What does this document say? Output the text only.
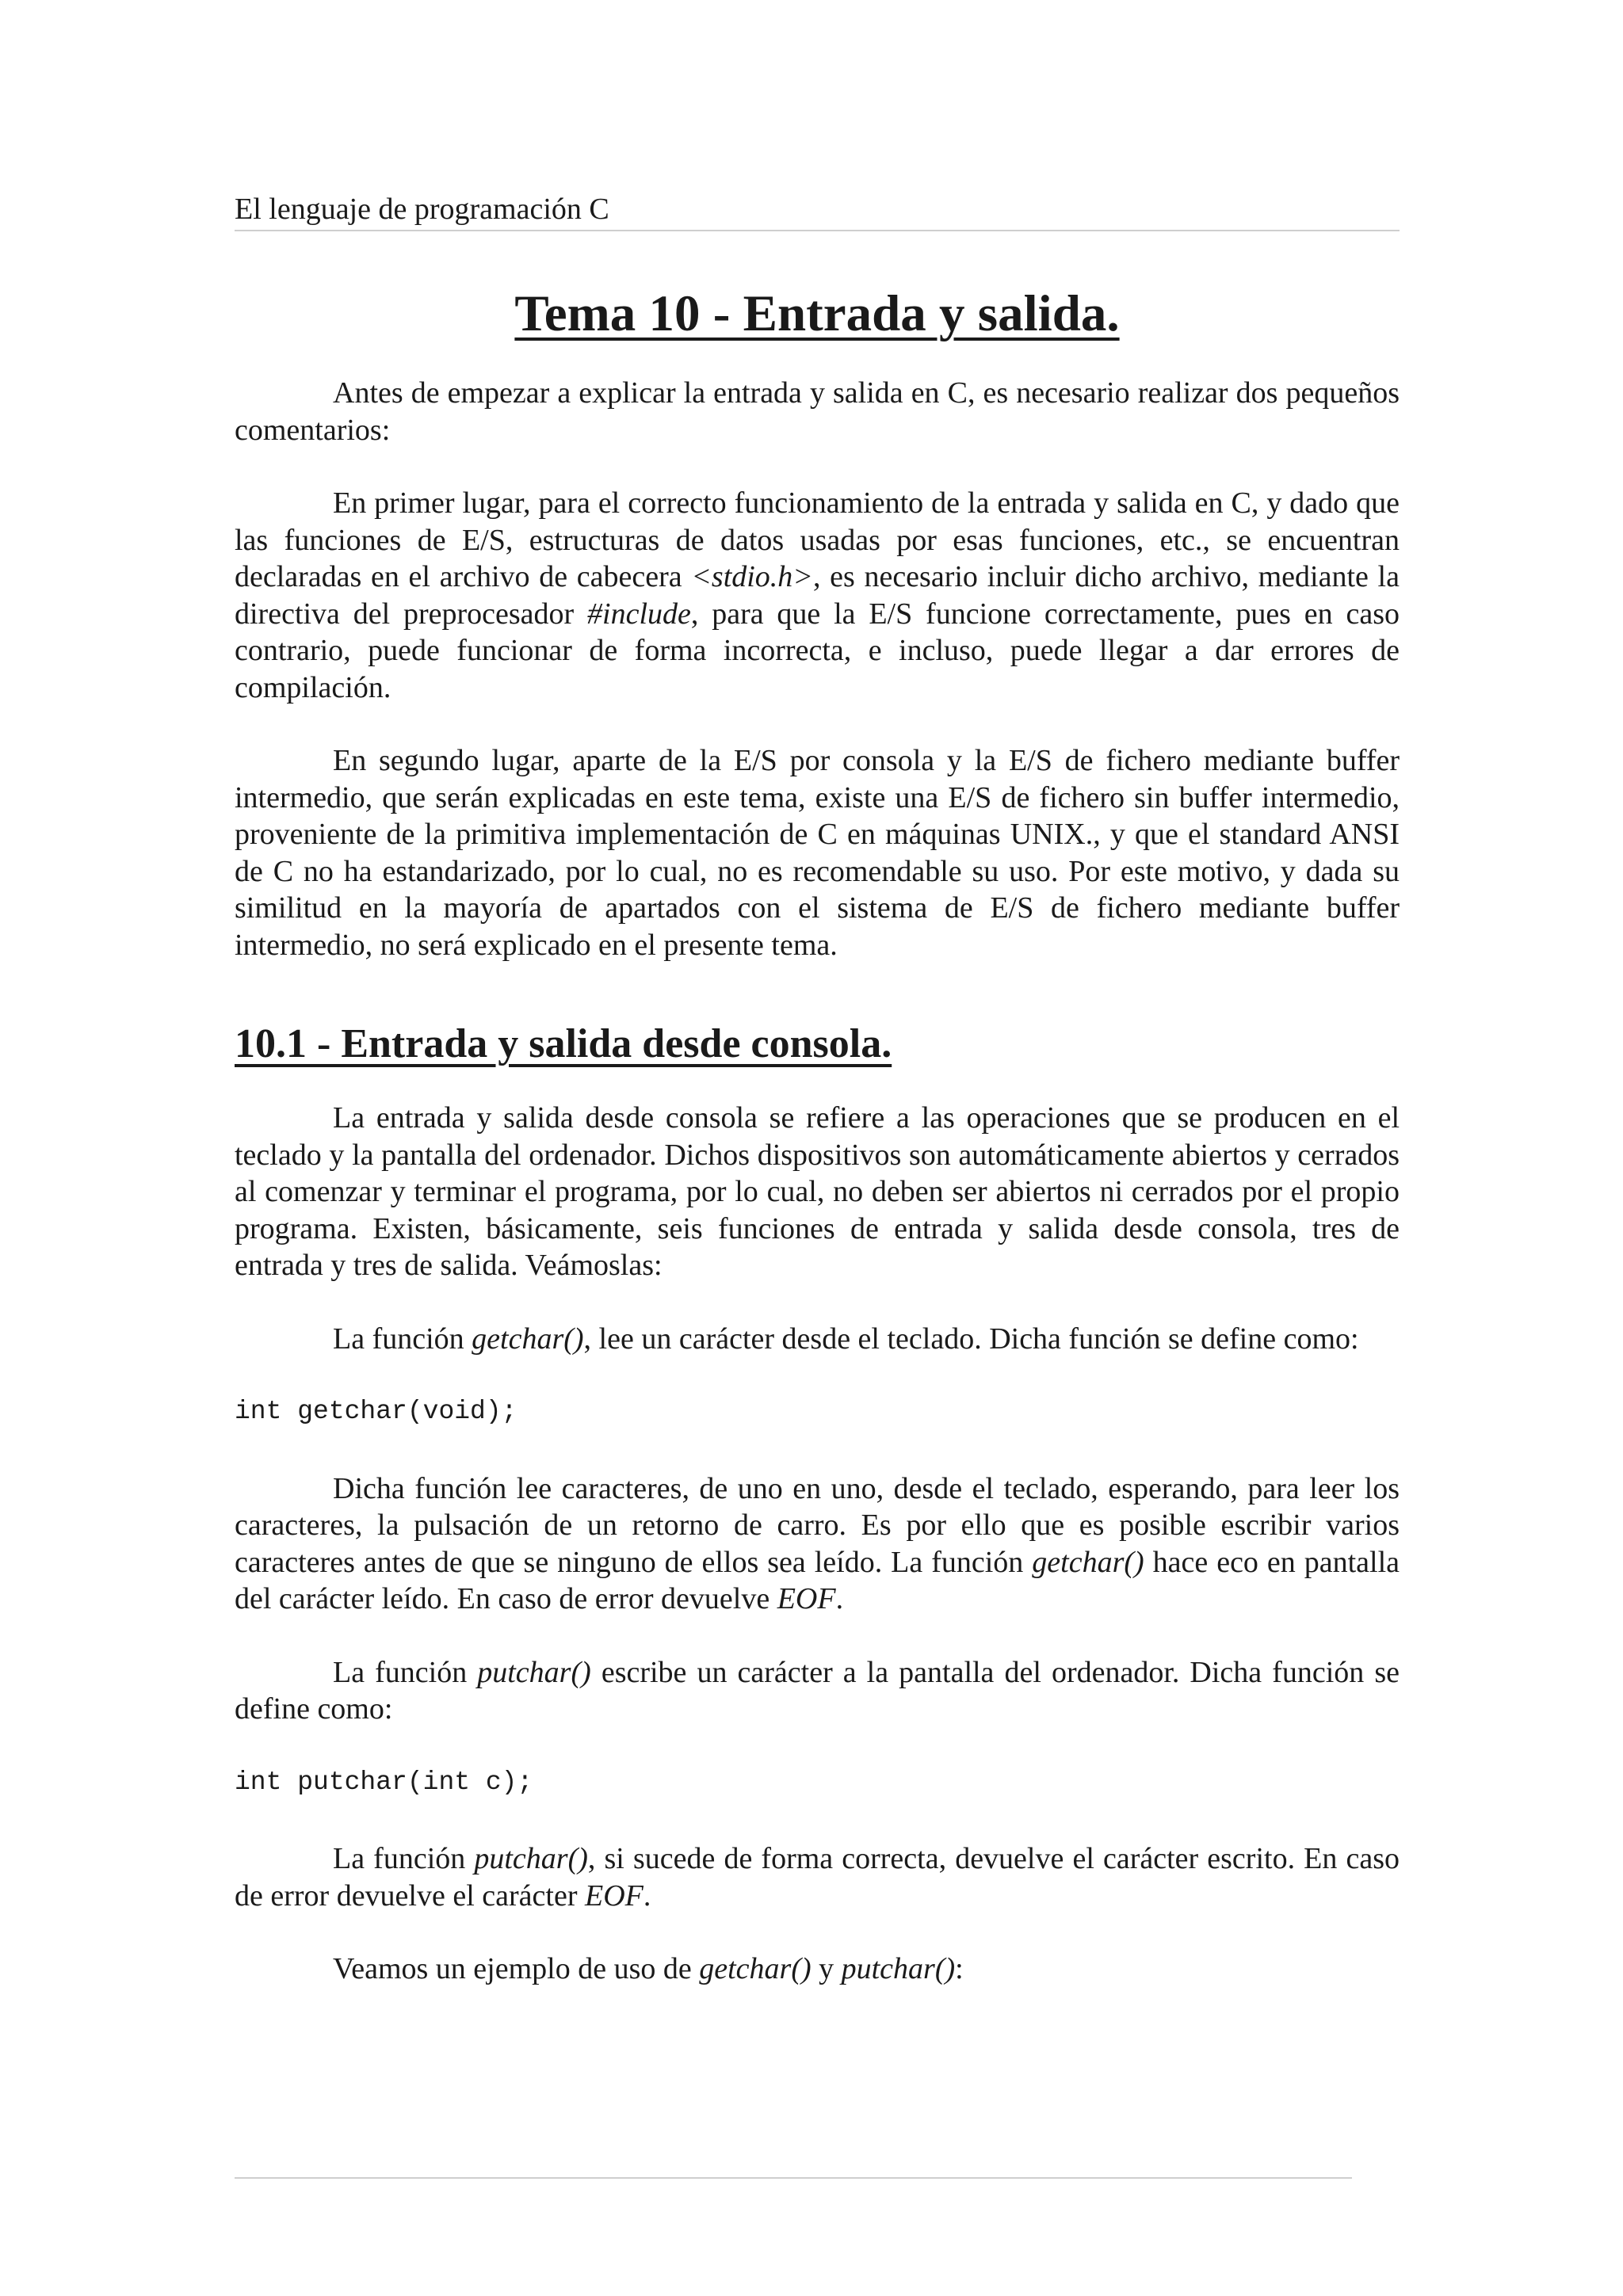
El lenguaje de programación C
Tema 10 - Entrada y salida.

Antes de empezar a explicar la entrada y salida en C, es necesario realizar dos pequeños comentarios:

En primer lugar, para el correcto funcionamiento de la entrada y salida en C, y dado que las funciones de E/S, estructuras de datos usadas por esas funciones, etc., se encuentran declaradas en el archivo de cabecera <stdio.h>, es necesario incluir dicho archivo, mediante la directiva del preprocesador #include, para que la E/S funcione correctamente, pues en caso contrario, puede funcionar de forma incorrecta, e incluso, puede llegar a dar errores de compilación.

En segundo lugar, aparte de la E/S por consola y la E/S de fichero mediante buffer intermedio, que serán explicadas en este tema, existe una E/S de fichero sin buffer intermedio, proveniente de la primitiva implementación de C en máquinas UNIX., y que el standard ANSI de C no ha estandarizado, por lo cual, no es recomendable su uso. Por este motivo, y dada su similitud en la mayoría de apartados con el sistema de E/S de fichero mediante buffer intermedio, no será explicado en el presente tema.

10.1 - Entrada y salida desde consola.

La entrada y salida desde consola se refiere a las operaciones que se producen en el teclado y la pantalla del ordenador. Dichos dispositivos son automáticamente abiertos y cerrados al comenzar y terminar el programa, por lo cual, no deben ser abiertos ni cerrados por el propio programa. Existen, básicamente, seis funciones de entrada y salida desde consola, tres de entrada y tres de salida. Veámoslas:

La función getchar(), lee un carácter desde el teclado. Dicha función se define como:

int getchar(void);

Dicha función lee caracteres, de uno en uno, desde el teclado, esperando, para leer los caracteres, la pulsación de un retorno de carro. Es por ello que es posible escribir varios caracteres antes de que se ninguno de ellos sea leído. La función getchar() hace eco en pantalla del carácter leído. En caso de error devuelve EOF.

La función putchar() escribe un carácter a la pantalla del ordenador. Dicha función se define como:

int putchar(int c);

La función putchar(), si sucede de forma correcta, devuelve el carácter escrito. En caso de error devuelve el carácter EOF.

Veamos un ejemplo de uso de getchar() y putchar():
